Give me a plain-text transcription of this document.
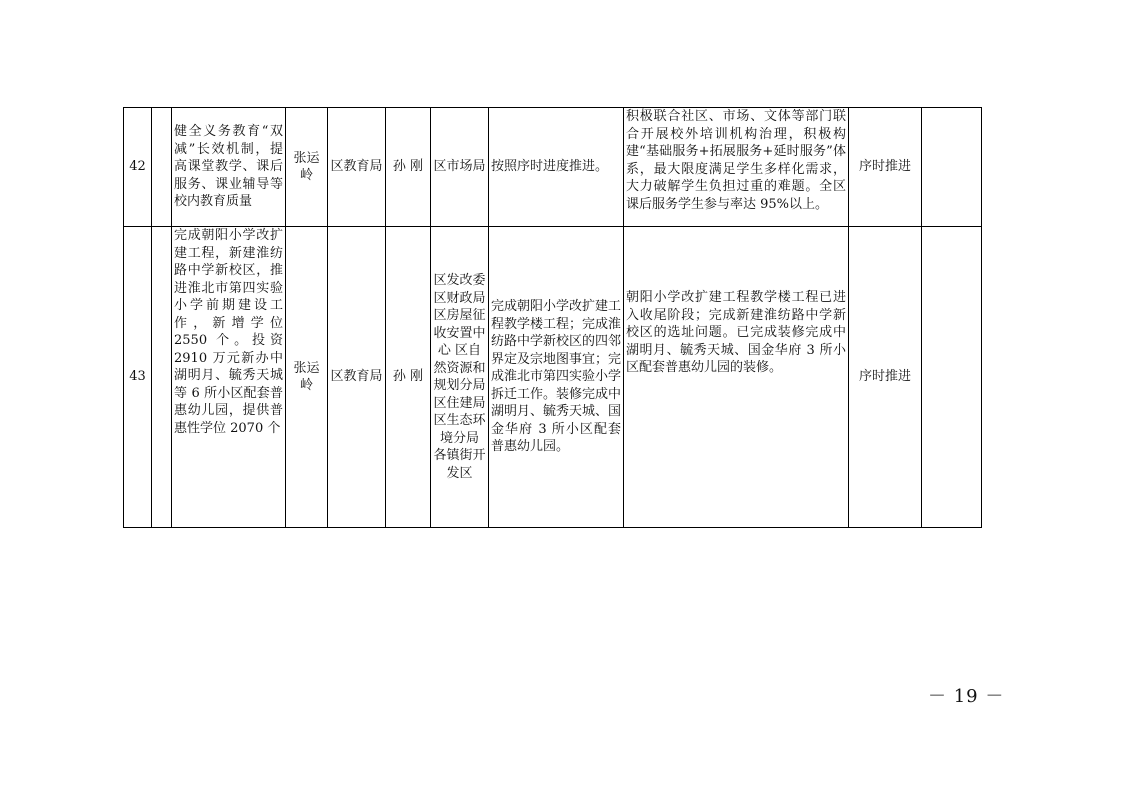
42		健全义务教育“双减”长效机制，提高课堂教学、课后服务、课业辅导等校内教育质量	张运岭	区教育局	孙 刚	区市场局	按照序时进度推进。	积极联合社区、市场、文体等部门联合开展校外培训机构治理，积极构建“基础服务+拓展服务+延时服务”体系，最大限度满足学生多样化需求，大力破解学生负担过重的难题。全区课后服务学生参与率达 95%以上。	序时推进	
43		完成朝阳小学改扩建工程，新建淮纺路中学新校区，推进淮北市第四实验小学前期建设工作，新增学位 2550 个。投资 2910 万元新办中湖明月、毓秀天城等 6 所小区配套普惠幼儿园，提供普惠性学位 2070 个	张运岭	区教育局	孙 刚	区发改委 区财政局 区房屋征收安置中心 区自然资源和规划分局 区住建局 区生态环境分局 各镇街开发区	完成朝阳小学改扩建工程教学楼工程；完成淮纺路中学新校区的四邻界定及宗地图事宜；完成淮北市第四实验小学拆迁工作。装修完成中湖明月、毓秀天城、国金华府 3 所小区配套普惠幼儿园。	朝阳小学改扩建工程教学楼工程已进入收尾阶段；完成新建淮纺路中学新校区的选址问题。已完成装修完成中湖明月、毓秀天城、国金华府 3 所小区配套普惠幼儿园的装修。	序时推进	
－ 19 －
